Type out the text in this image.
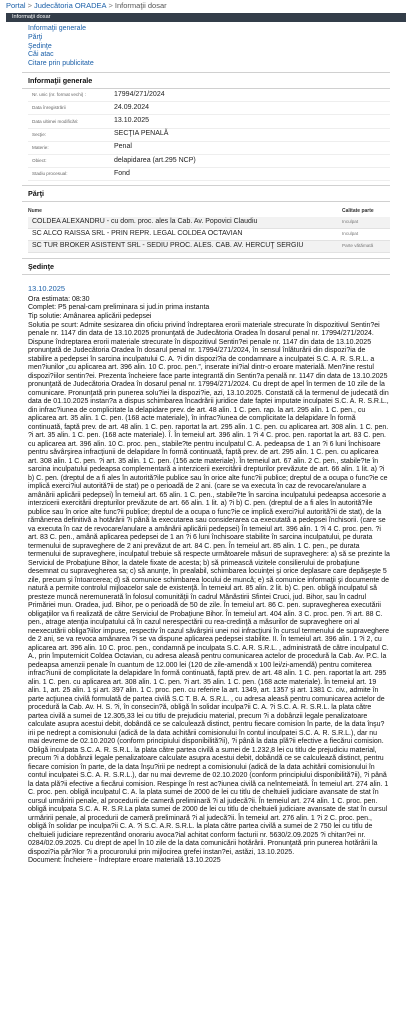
Portal > Judecătoria ORADEA > Informaţii dosar
Informaţii dosar
Informaţii generale
Părţi
Şedinţe
Căi atac
Citare prin publicitate
Informaţii generale
Nr. unic (nr. format vechi) :	17994/271/2024
Data înregistrării	24.09.2024
Data ultimei modificări:	13.10.2025
Secţie:	SECŢIA PENALĂ
Materie:	Penal
Obiect:	delapidarea (art.295 NCP)
Stadiu procesual:	Fond
Părţi
Nume	Calitate parte
COLDEA ALEXANDRU - cu dom. proc. ales la Cab. Av. Popovici Claudiu	Inculpat
SC ALCO RAISSA SRL - PRIN REPR. LEGAL COLDEA OCTAVIAN	Inculpat
SC TUR BROKER ASISTENT SRL - SEDIU PROC. ALES. CAB. AV. HERCUŢ SERGIU	Parte vătămată
Şedinţe
13.10.2025
Ora estimata: 08:30
Complet: P5 penal-cam preliminara si jud.in prima instanta
Tip solutie: Amânarea aplicării pedepsei
Solutia pe scurt: Admite sesizarea din oficiu privind îndreptarea erorii materiale strecurate în dispozitivul Sentin?ei penale nr. 1147 din data de 13.10.2025 pronunţată de Judecătoria Oradea în dosarul penal nr. 17994/271/2024. Dispune îndreptarea erorii materiale strecurate în dispozitivul Sentin?ei penale nr. 1147 din data de 13.10.2025 pronunţată de Judecătoria Oradea în dosarul penal nr. 17994/271/2024, în sensul înlăturării din dispozi?ia de stabilire a pedepsei în sarcina inculpatului C. A. ?i din dispozi?ia de condamnare a inculpatei S.C. A. R. S.R.L. a men?iunilor „cu aplicarea art. 396 alin. 10 C. proc. pen.”, inserate ini?ial dintr-o eroare materială. Men?ine restul dispozi?iilor sentin?ei. Prezenta încheiere face parte integrantă din Sentin?a penală nr. 1147 din data de 13.10.2025 pronunţată de Judecătoria Oradea în dosarul penal nr. 17994/271/2024. Cu drept de apel în termen de 10 zile de la comunicare. Pronunţată prin punerea solu?iei la dispozi?ie, azi, 13.10.2025. Constată că la termenul de judecată din data de 01.10.2025 instan?a a dispus schimbarea încadrării juridice date faptei imputate inculpatei S.C. A. R. S.R.L., din infrac?iunea de complicitate la delapidare prev. de art. 48 alin. 1 C. pen. rap. la art. 295 alin. 1 C. pen., cu aplicarea art. 35 alin. 1 C. pen. (168 acte materiale), în infrac?iunea de complicitate la delapidare în formă continuată, faptă prev. de art. 48 alin. 1 C. pen. raportat la art. 295 alin. 1 C. pen. cu aplicarea art. 308 alin. 1 C. pen. ?i art. 35 alin. 1 C. pen. (168 acte materiale). Î. În temeiul art. 396 alin. 1 ?i 4 C. proc. pen. raportat la art. 83 C. pen. cu aplicarea art. 396 alin. 10 C. proc. pen., stabile?te pentru inculpatul C. A. pedeapsa de 1 an ?i 6 luni închisoare pentru săvârşirea infracţiunii de delapidare în formă continuată, faptă prev. de art. 295 alin. 1 C. pen. cu aplicarea art. 308 alin. 1 C. pen. ?i art. 35 alin. 1 C. pen. (156 acte materiale). În temeiul art. 67 alin. 2 C. pen., stabile?te în sarcina inculpatului pedeapsa complementară a interzicerii exercitării drepturilor prevăzute de art. 66 alin. 1 lit. a) ?i b) C. pen. (dreptul de a fi ales în autorită?ile publice sau în orice alte func?ii publice; dreptul de a ocupa o func?ie ce implică exerci?iul autorită?ii de stat) pe o perioadă de 2 ani. (care se va executa în caz de revocare/anulare a amânării aplicării pedepsei) În temeiul art. 65 alin. 1 C. pen., stabile?te în sarcina inculpatului pedeapsa accesorie a interzicerii exercitării drepturilor prevăzute de art. 66 alin. 1 lit. a) ?i b) C. pen. (dreptul de a fi ales în autorită?ile publice sau în orice alte func?ii publice; dreptul de a ocupa o func?ie ce implică exerci?iul autorită?ii de stat), de la rămânerea definitivă a hotărârii ?i până la executarea sau considerarea ca executată a pedepsei închisorii. (care se va executa în caz de revocare/anulare a amânării aplicării pedepsei) În temeiul art. 396 alin. 1 ?i 4 C. proc. pen. ?i art. 83 C. pen., amână aplicarea pedepsei de 1 an ?i 6 luni închisoare stabilite în sarcina inculpatului, pe durata termenului de supraveghere de 2 ani prevăzut de art. 84 C. pen. În temeiul art. 85 alin. 1 C. pen., pe durata termenului de supraveghere, inculpatul trebuie să respecte următoarele măsuri de supraveghere: a) să se prezinte la Serviciul de Probaţiune Bihor, la datele fixate de acesta; b) să primească vizitele consilierului de probaţiune desemnat cu supravegherea sa; c) să anunţe, în prealabil, schimbarea locuinţei şi orice deplasare care depăşeşte 5 zile, precum şi întoarcerea; d) să comunice schimbarea locului de muncă; e) să comunice informaţii şi documente de natură a permite controlul mijloacelor sale de existenţă. În temeiul art. 85 alin. 2 lit. b) C. pen. obligă inculpatul să presteze muncă neremunerată în folosul comunităţii în cadrul Mănăstirii Sfintei Cruci, jud. Bihor, sau în cadrul Primăriei mun. Oradea, jud. Bihor, pe o perioadă de 50 de zile. În temeiul art. 86 C. pen. supravegherea executării obligaţiilor va fi realizată de către Serviciul de Probaţiune Bihor. În temeiul art. 404 alin. 3 C. proc. pen. ?i art. 88 C. pen., atrage atenţia inculpatului că în cazul nerespectării cu rea-credinţă a măsurilor de supraveghere ori al neexecutării obliga?iilor impuse, respectiv în cazul săvârşirii unei noi infracţiuni în cursul termenului de supraveghere de 2 ani, se va revoca amânarea ?i se va dispune aplicarea pedepsei stabilite. II. În temeiul art. 396 alin. 1 ?i 2, cu aplicarea art. 396 alin. 10 C. proc. pen., condamnă pe inculpata S.C. A.R. S.R.L. , administrată de către inculpatul C. A., prin împuternicit Coldea Octavian, cu adresa aleasă pentru comunicarea actelor de procedură la Cab. Av. P.C. la pedeapsa amenzii penale în cuantum de 12.000 lei (120 de zile-amendă x 100 lei/zi-amendă) pentru comiterea infrac?iunii de complicitate la delapidare în formă continuată, faptă prev. de art. 48 alin. 1 C. pen. raportat la art. 295 alin. 1 C. pen. cu aplicarea art. 308 alin. 1 C. pen. ?i art. 35 alin. 1 C. pen. (168 acte materiale). În temeiul art. 19 alin. 1, art. 25 alin. 1 şi art. 397 alin. 1 C. proc. pen. cu referire la art. 1349, art. 1357 şi art. 1381 C. civ., admite în parte acţiunea civilă formulată de partea civilă S.C T. B. A. S.R.L. , cu adresa aleasă pentru comunicarea actelor de procedură la Cab. Av. H. S. ?i, în consecin?ă, obligă în solidar inculpa?ii C. A. ?i S.C. A. R. S.R.L. la plata către partea civilă a sumei de 12.305,33 lei cu titlu de prejudiciu material, precum ?i a dobânzii legale penalizatoare calculate asupra acestui debit, dobândă ce se calculează distinct, pentru fiecare comision în parte, de la data înşu?irii pe nedrept a comisionului (adică de la data achitării comisionului în contul inculpatei S.C. A. R. S.R.L.), dar nu mai devreme de 02.10.2020 (conform principiului disponibilită?ii), ?i până la data plă?ii efective a fiecărui comision. Obligă inculpata S.C. A. R. S.R.L. la plata către partea civilă a sumei de 1.232,8 lei cu titlu de prejudiciu material, precum ?i a dobânzii legale penalizatoare calculate asupra acestui debit, dobândă ce se calculează distinct, pentru fiecare comision în parte, de la data înşu?irii pe nedrept a comisionului (adică de la data achitării comisionului în contul inculpatei S.C. A. R. S.R.L.), dar nu mai devreme de 02.10.2020 (conform principiului disponibilită?ii), ?i până la data plă?ii efective a fiecărui comision. Respinge în rest ac?iunea civilă ca neîntemeiată. În temeiul art. 274 alin. 1 C. proc. pen. obligă inculpatul C. A. la plata sumei de 2000 de lei cu titlu de cheltuieli judiciare avansate de stat în cursul urmăririi penale, al procedurii de cameră preliminară ?i al judecă?ii. În temeiul art. 274 alin. 1 C. proc. pen. obligă inculpata S.C. A. R. S.R.La plata sumei de 2000 de lei cu titlu de cheltuieli judiciare avansate de stat în cursul urmăririi penale, al procedurii de cameră preliminară ?i al judecă?ii. În temeiul art. 276 alin. 1 ?i 2 C. proc. pen., obligă în solidar pe inculpa?ii C. A. ?i S.C. A.R. S.R.L. la plata către partea civilă a sumei de 2 750 lei cu titlu de cheltuieli judiciare reprezentând onorariu avoca?ial achitat conform facturii nr. 5630/2.09.2025 ?i chitan?ei nr. 0284/02.09.2025. Cu drept de apel în 10 zile de la data comunicării hotărârii. Pronunţată prin punerea hotărârii la dispozi?ia păr?ilor ?i a procurorului prin mijlocirea grefei instan?ei, astăzi, 13.10.2025.
Document: Încheiere - Îndreptare eroare materială 13.10.2025
